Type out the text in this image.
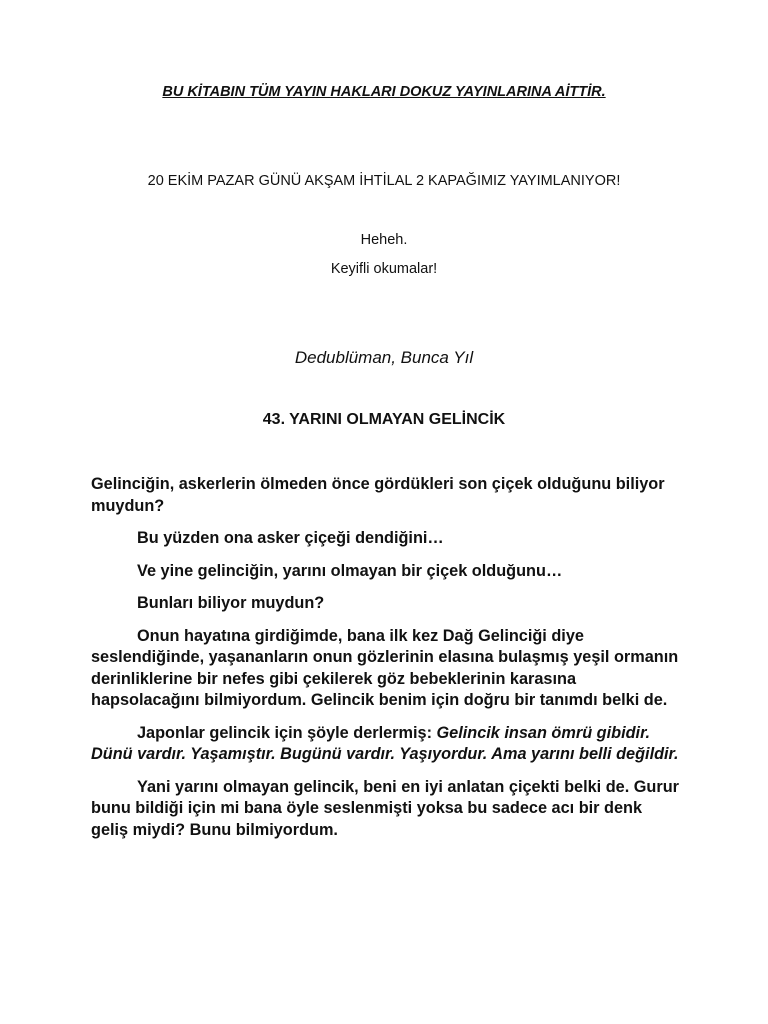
BU KİTABIN TÜM YAYIN HAKLARI DOKUZ YAYINLARINA AİTTİR.
20 EKİM PAZAR GÜNÜ AKŞAM İHTİLAL 2 KAPAĞIMIZ YAYIMLANIYOR!
Heheh.
Keyifli okumalar!
Dedublüman, Bunca Yıl
43. YARINI OLMAYAN GELİNCİK

Gelinciğin, askerlerin ölmeden önce gördükleri son çiçek olduğunu biliyor muydun?

Bu yüzden ona asker çiçeği dendiğini…

Ve yine gelinciğin, yarını olmayan bir çiçek olduğunu…

Bunları biliyor muydun?

Onun hayatına girdiğimde, bana ilk kez Dağ Gelinciği diye seslendiğinde, yaşananların onun gözlerinin elasına bulaşmış yeşil ormanın derinliklerine bir nefes gibi çekilerek göz bebeklerinin karasına hapsolacağını bilmiyordum. Gelincik benim için doğru bir tanımdı belki de.

Japonlar gelincik için şöyle derlermiş: Gelincik insan ömrü gibidir. Dünü vardır. Yaşamıştır. Bugünü vardır. Yaşıyordur. Ama yarını belli değildir.

Yani yarını olmayan gelincik, beni en iyi anlatan çiçekti belki de. Gurur bunu bildiği için mi bana öyle seslenmişti yoksa bu sadece acı bir denk geliş miydi? Bunu bilmiyordum.
